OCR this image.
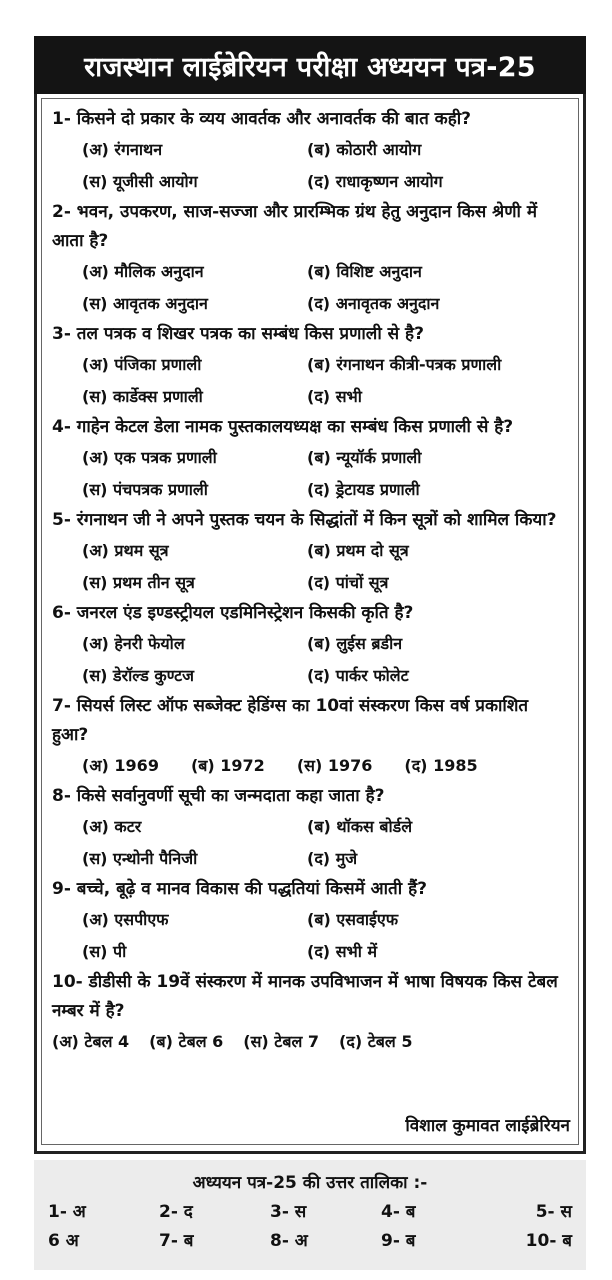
राजस्थान लाईब्रेरियन परीक्षा अध्ययन पत्र-25
1- किसने दो प्रकार के व्यय आवर्तक और अनावर्तक की बात कही?
(अ) रंगनाथन	(ब) कोठारी आयोग
(स) यूजीसी आयोग	(द) राधाकृष्णन आयोग
2- भवन, उपकरण, साज-सज्जा और प्रारम्भिक ग्रंथ हेतु अनुदान किस श्रेणी में आता है?
(अ) मौलिक अनुदान	(ब) विशिष्ट अनुदान
(स) आवृतक अनुदान	(द) अनावृतक अनुदान
3- तल पत्रक व शिखर पत्रक का सम्बंध किस प्रणाली से है?
(अ) पंजिका प्रणाली	(ब) रंगनाथन कीत्री-पत्रक प्रणाली
(स) कार्डेक्स प्रणाली	(द) सभी
4- गाहेन केटल डेला नामक पुस्तकालयध्यक्ष का सम्बंध किस प्रणाली से है?
(अ) एक पत्रक प्रणाली	(ब) न्यूयॉर्क प्रणाली
(स) पंचपत्रक प्रणाली	(द) ड्रेटायड प्रणाली
5- रंगनाथन जी ने अपने पुस्तक चयन के सिद्धांतों में किन सूत्रों को शामिल किया?
(अ) प्रथम सूत्र	(ब) प्रथम दो सूत्र
(स) प्रथम तीन सूत्र	(द) पांचों सूत्र
6- जनरल एंड इण्डस्ट्रीयल एडमिनिस्ट्रेशन किसकी कृति है?
(अ) हेनरी फेयोल	(ब) लुईस ब्रडीन
(स) डेरॉल्ड कुण्टज	(द) पार्कर फोलेट
7- सियर्स लिस्ट ऑफ सब्जेक्ट हेडिंग्स का 10वां संस्करण किस वर्ष प्रकाशित हुआ?
(अ) 1969 (ब) 1972 (स) 1976 (द) 1985
8- किसे सर्वानुवर्णी सूची का जन्मदाता कहा जाता है?
(अ) कटर	(ब) थॉकस बोर्डले
(स) एन्थोनी पैनिजी	(द) मुजे
9- बच्चे, बूढ़े व मानव विकास की पद्धतियां किसमें आती हैं?
(अ) एसपीएफ	(ब) एसवाईएफ
(स) पी	(द) सभी में
10- डीडीसी के 19वें संस्करण में मानक उपविभाजन में भाषा विषयक किस टेबल नम्बर में है?
(अ) टेबल 4 (ब) टेबल 6 (स) टेबल 7 (द) टेबल 5
विशाल कुमावत लाईब्रेरियन
अध्ययन पत्र-25 की उत्तर तालिका :-
1- अ	2- द	3- स	4- ब	5- स
6 अ	7- ब	8- अ	9- ब	10- ब
